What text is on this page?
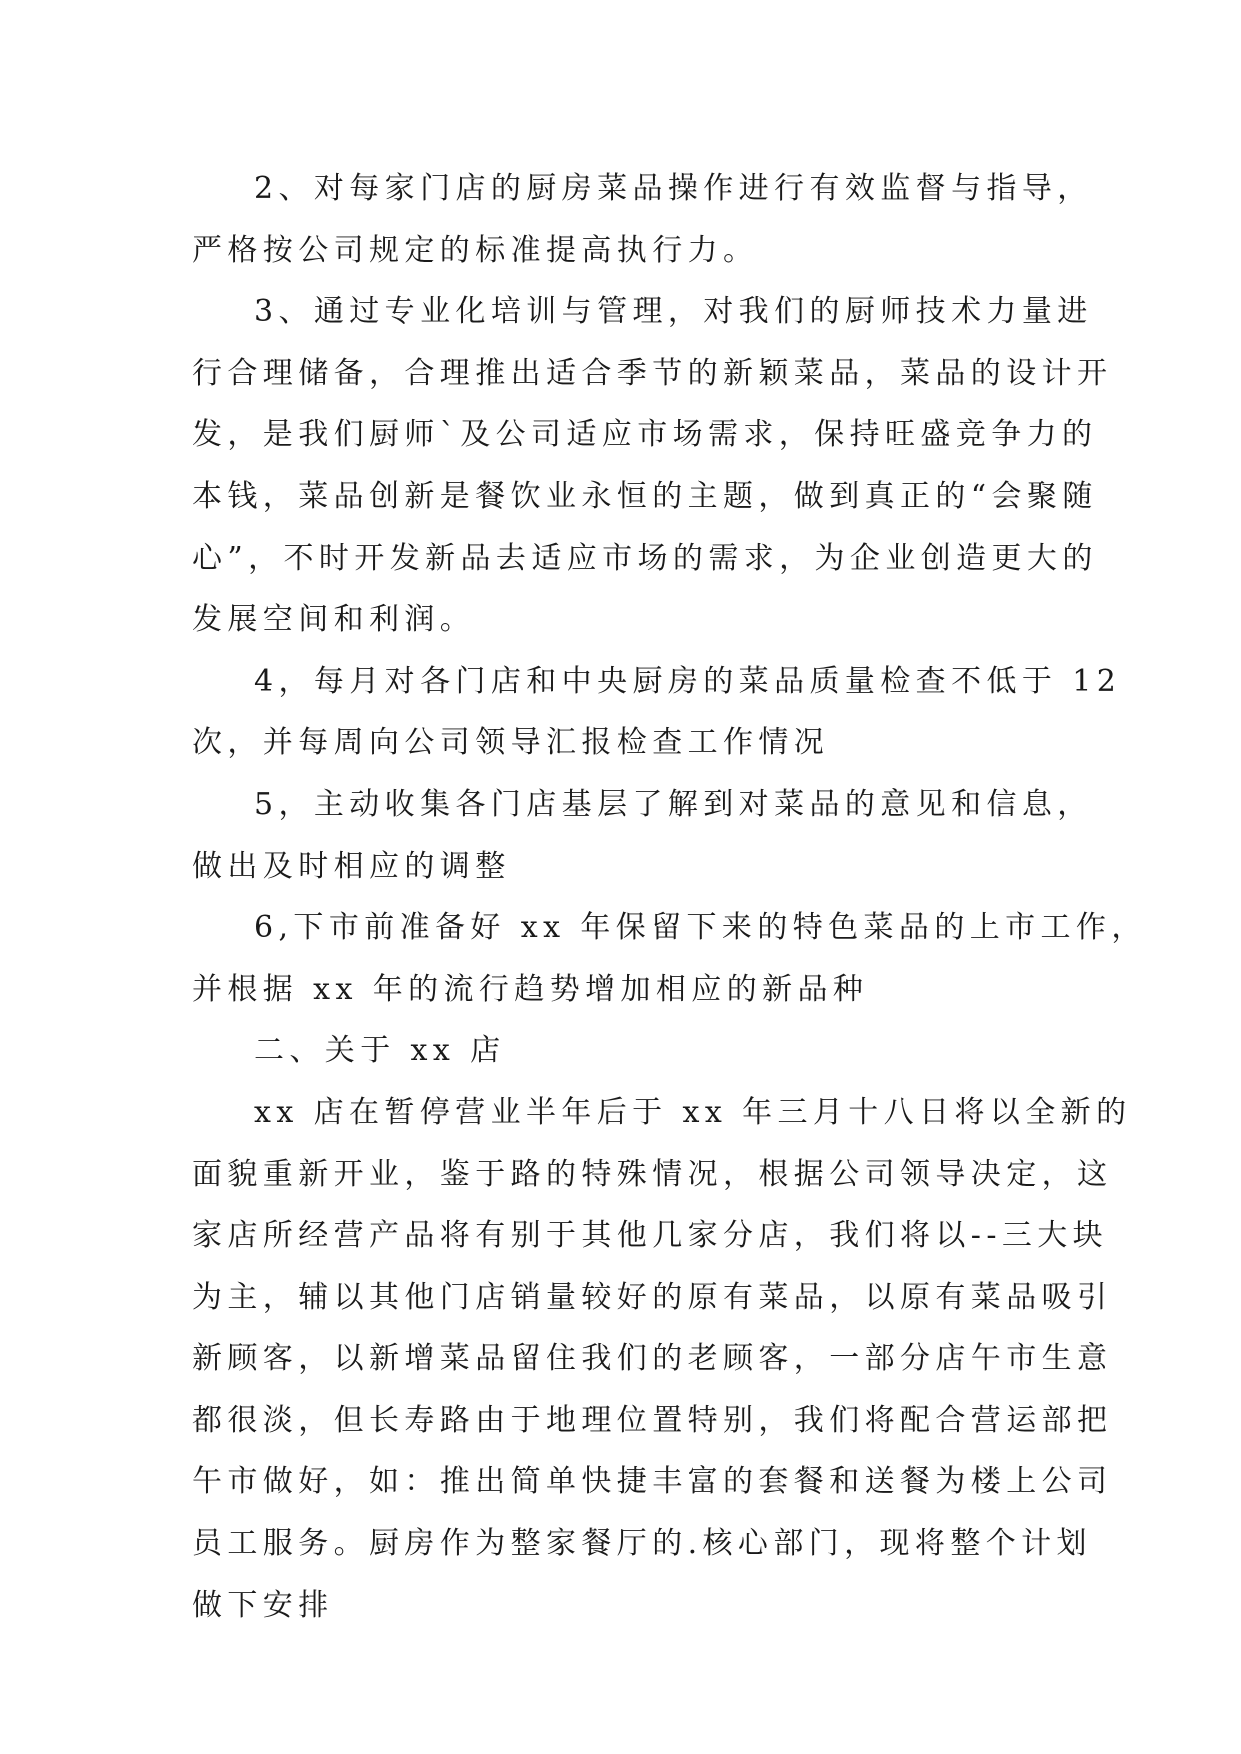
2、对每家门店的厨房菜品操作进行有效监督与指导，
严格按公司规定的标准提高执行力。
3、通过专业化培训与管理，对我们的厨师技术力量进
行合理储备，合理推出适合季节的新颖菜品，菜品的设计开
发，是我们厨师`及公司适应市场需求，保持旺盛竞争力的
本钱，菜品创新是餐饮业永恒的主题，做到真正的“会聚随
心”，不时开发新品去适应市场的需求，为企业创造更大的
发展空间和利润。
4，每月对各门店和中央厨房的菜品质量检查不低于 12
次，并每周向公司领导汇报检查工作情况
5，主动收集各门店基层了解到对菜品的意见和信息，
做出及时相应的调整
6,下市前准备好 xx 年保留下来的特色菜品的上市工作，
并根据 xx 年的流行趋势增加相应的新品种
二、关于 xx 店
xx 店在暂停营业半年后于 xx 年三月十八日将以全新的
面貌重新开业，鉴于路的特殊情况，根据公司领导决定，这
家店所经营产品将有别于其他几家分店，我们将以--三大块
为主，辅以其他门店销量较好的原有菜品，以原有菜品吸引
新顾客，以新增菜品留住我们的老顾客，一部分店午市生意
都很淡，但长寿路由于地理位置特别，我们将配合营运部把
午市做好，如：推出简单快捷丰富的套餐和送餐为楼上公司
员工服务。厨房作为整家餐厅的.核心部门，现将整个计划
做下安排
